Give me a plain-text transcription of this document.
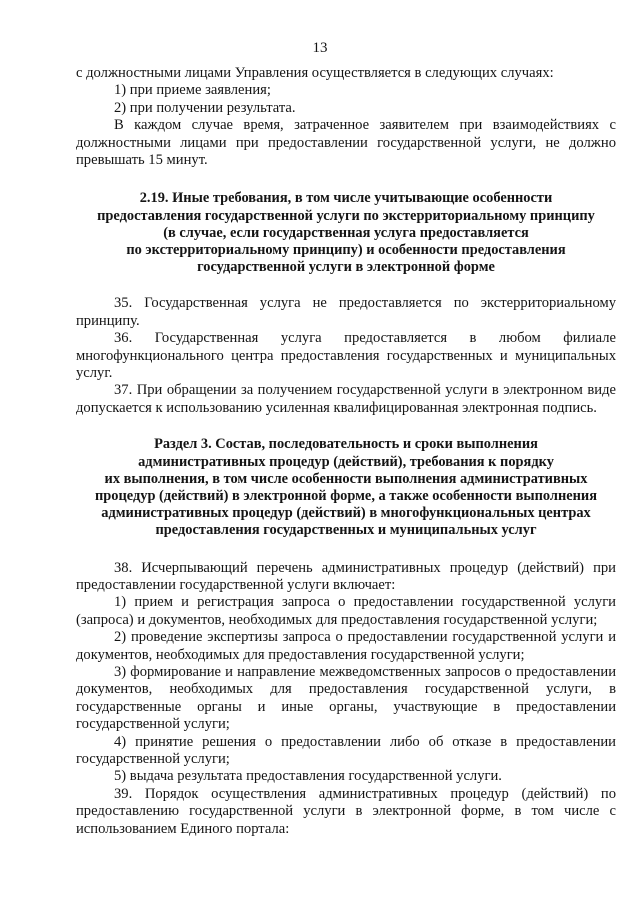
13

с должностными лицами Управления осуществляется в следующих случаях:

1) при приеме заявления;

2) при получении результата.

В каждом случае время, затраченное заявителем при взаимодействиях с должностными лицами при предоставлении государственной услуги, не должно превышать 15 минут.

2.19. Иные требования, в том числе учитывающие особенности
предоставления государственной услуги по экстерриториальному принципу
(в случае, если государственная услуга предоставляется
по экстерриториальному принципу) и особенности предоставления
государственной услуги в электронной форме

35. Государственная услуга не предоставляется по экстерриториальному принципу.

36. Государственная услуга предоставляется в любом филиале многофункционального центра предоставления государственных и муниципальных услуг.

37. При обращении за получением государственной услуги в электронном виде допускается к использованию усиленная квалифицированная электронная подпись.

Раздел 3. Состав, последовательность и сроки выполнения
административных процедур (действий), требования к порядку
их выполнения, в том числе особенности выполнения административных
процедур (действий) в электронной форме, а также особенности выполнения
административных процедур (действий) в многофункциональных центрах
предоставления государственных и муниципальных услуг

38. Исчерпывающий перечень административных процедур (действий) при предоставлении государственной услуги включает:

1) прием и регистрация запроса о предоставлении государственной услуги (запроса) и документов, необходимых для предоставления государственной услуги;

2) проведение экспертизы запроса о предоставлении государственной услуги и документов, необходимых для предоставления государственной услуги;

3) формирование и направление межведомственных запросов о предоставлении документов, необходимых для предоставления государственной услуги, в государственные органы и иные органы, участвующие в предоставлении государственной услуги;

4) принятие решения о предоставлении либо об отказе в предоставлении государственной услуги;

5) выдача результата предоставления государственной услуги.

39. Порядок осуществления административных процедур (действий) по предоставлению государственной услуги в электронной форме, в том числе с использованием Единого портала:
